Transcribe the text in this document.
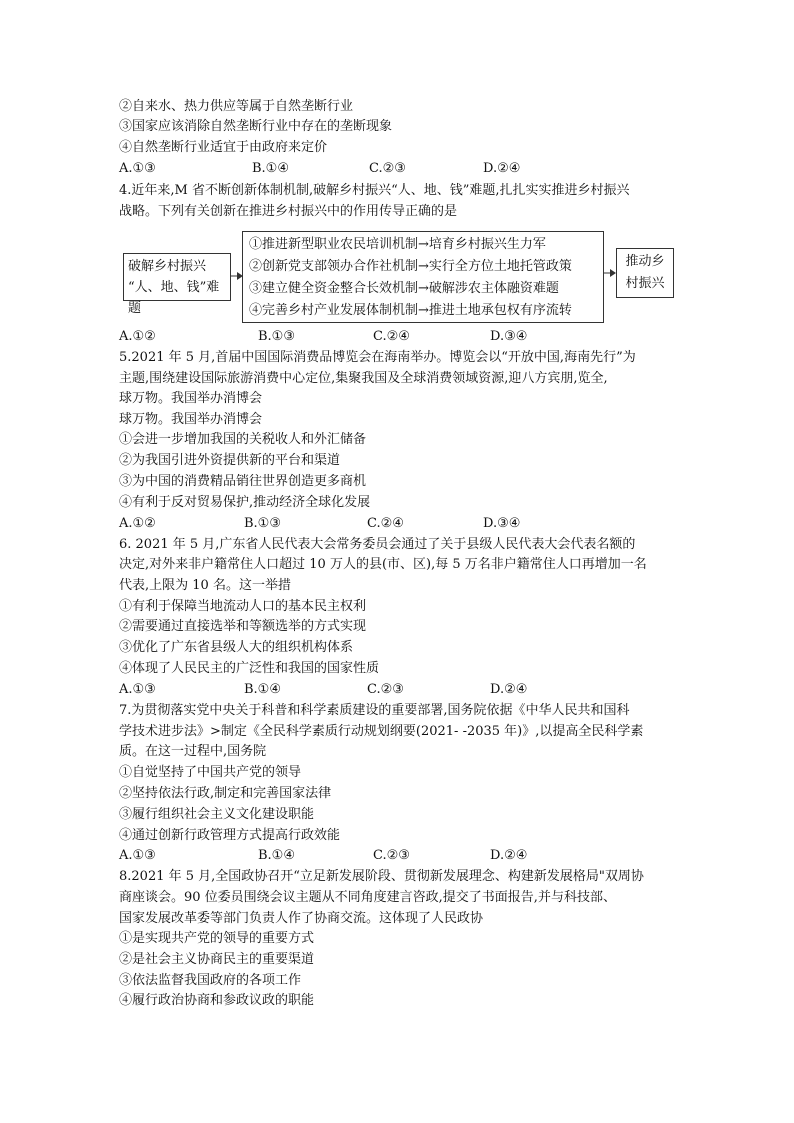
②自来水、热力供应等属于自然垄断行业
③国家应该消除自然垄断行业中存在的垄断现象
④自然垄断行业适宜于由政府来定价
A.①③	B.①④	C.②③	D.②④
4.近年来,M 省不断创新体制机制,破解乡村振兴“人、地、钱”难题,扎扎实实推进乡村振兴
战略。下列有关创新在推进乡村振兴中的作用传导正确的是
破解乡村振兴
“人、地、钱”难题
①推进新型职业农民培训机制→培育乡村振兴生力军
②创新党支部领办合作社机制→实行全方位土地托管政策
③建立健全资金整合长效机制→破解涉农主体融资难题
④完善乡村产业发展体制机制→推进土地承包权有序流转
推动乡
村振兴
A.①②	B.①③	C.②④	D.③④
5.2021 年 5 月,首届中国国际消费品博览会在海南举办。博览会以“开放中国,海南先行”为
主题,围绕建设国际旅游消费中心定位,集聚我国及全球消费领域资源,迎八方宾朋,览全,
球万物。我国举办消博会
球万物。我国举办消博会
①会进一步增加我国的关税收人和外汇储备
②为我国引进外资提供新的平台和渠道
③为中国的消费精品销往世界创造更多商机
④有利于反对贸易保护,推动经济全球化发展
A.①②	B.①③	C.②④	D.③④
6. 2021 年 5 月,广东省人民代表大会常务委员会通过了关于县级人民代表大会代表名额的
决定,对外来非户籍常住人口超过 10 万人的县(市、区),每 5 万名非户籍常住人口再增加一名
代表,上限为 10 名。这一举措
①有利于保障当地流动人口的基本民主权利
②需要通过直接选举和等额选举的方式实现
③优化了广东省县级人大的组织机构体系
④体现了人民民主的广泛性和我国的国家性质
A.①③	B.①④	C.②③	D.②④
7.为贯彻落实党中央关于科普和科学素质建设的重要部署,国务院依据《中华人民共和国科
学技术进步法》>制定《全民科学素质行动规划纲要(2021- -2035 年)》,以提高全民科学素
质。在这一过程中,国务院
①自觉坚持了中国共产党的领导
②坚持依法行政,制定和完善国家法律
③履行组织社会主义文化建设职能
④通过创新行政管理方式提高行政效能
A.①③	B.①④	C.②③	D.②④
8.2021 年 5 月,全国政协召开“立足新发展阶段、贯彻新发展理念、构建新发展格局"双周协
商座谈会。90 位委员围绕会议主题从不同角度建言咨政,提交了书面报告,并与科技部、
国家发展改革委等部门负责人作了协商交流。这体现了人民政协
①是实现共产党的领导的重要方式
②是社会主义协商民主的重要渠道
③依法监督我国政府的各项工作
④履行政治协商和参政议政的职能
